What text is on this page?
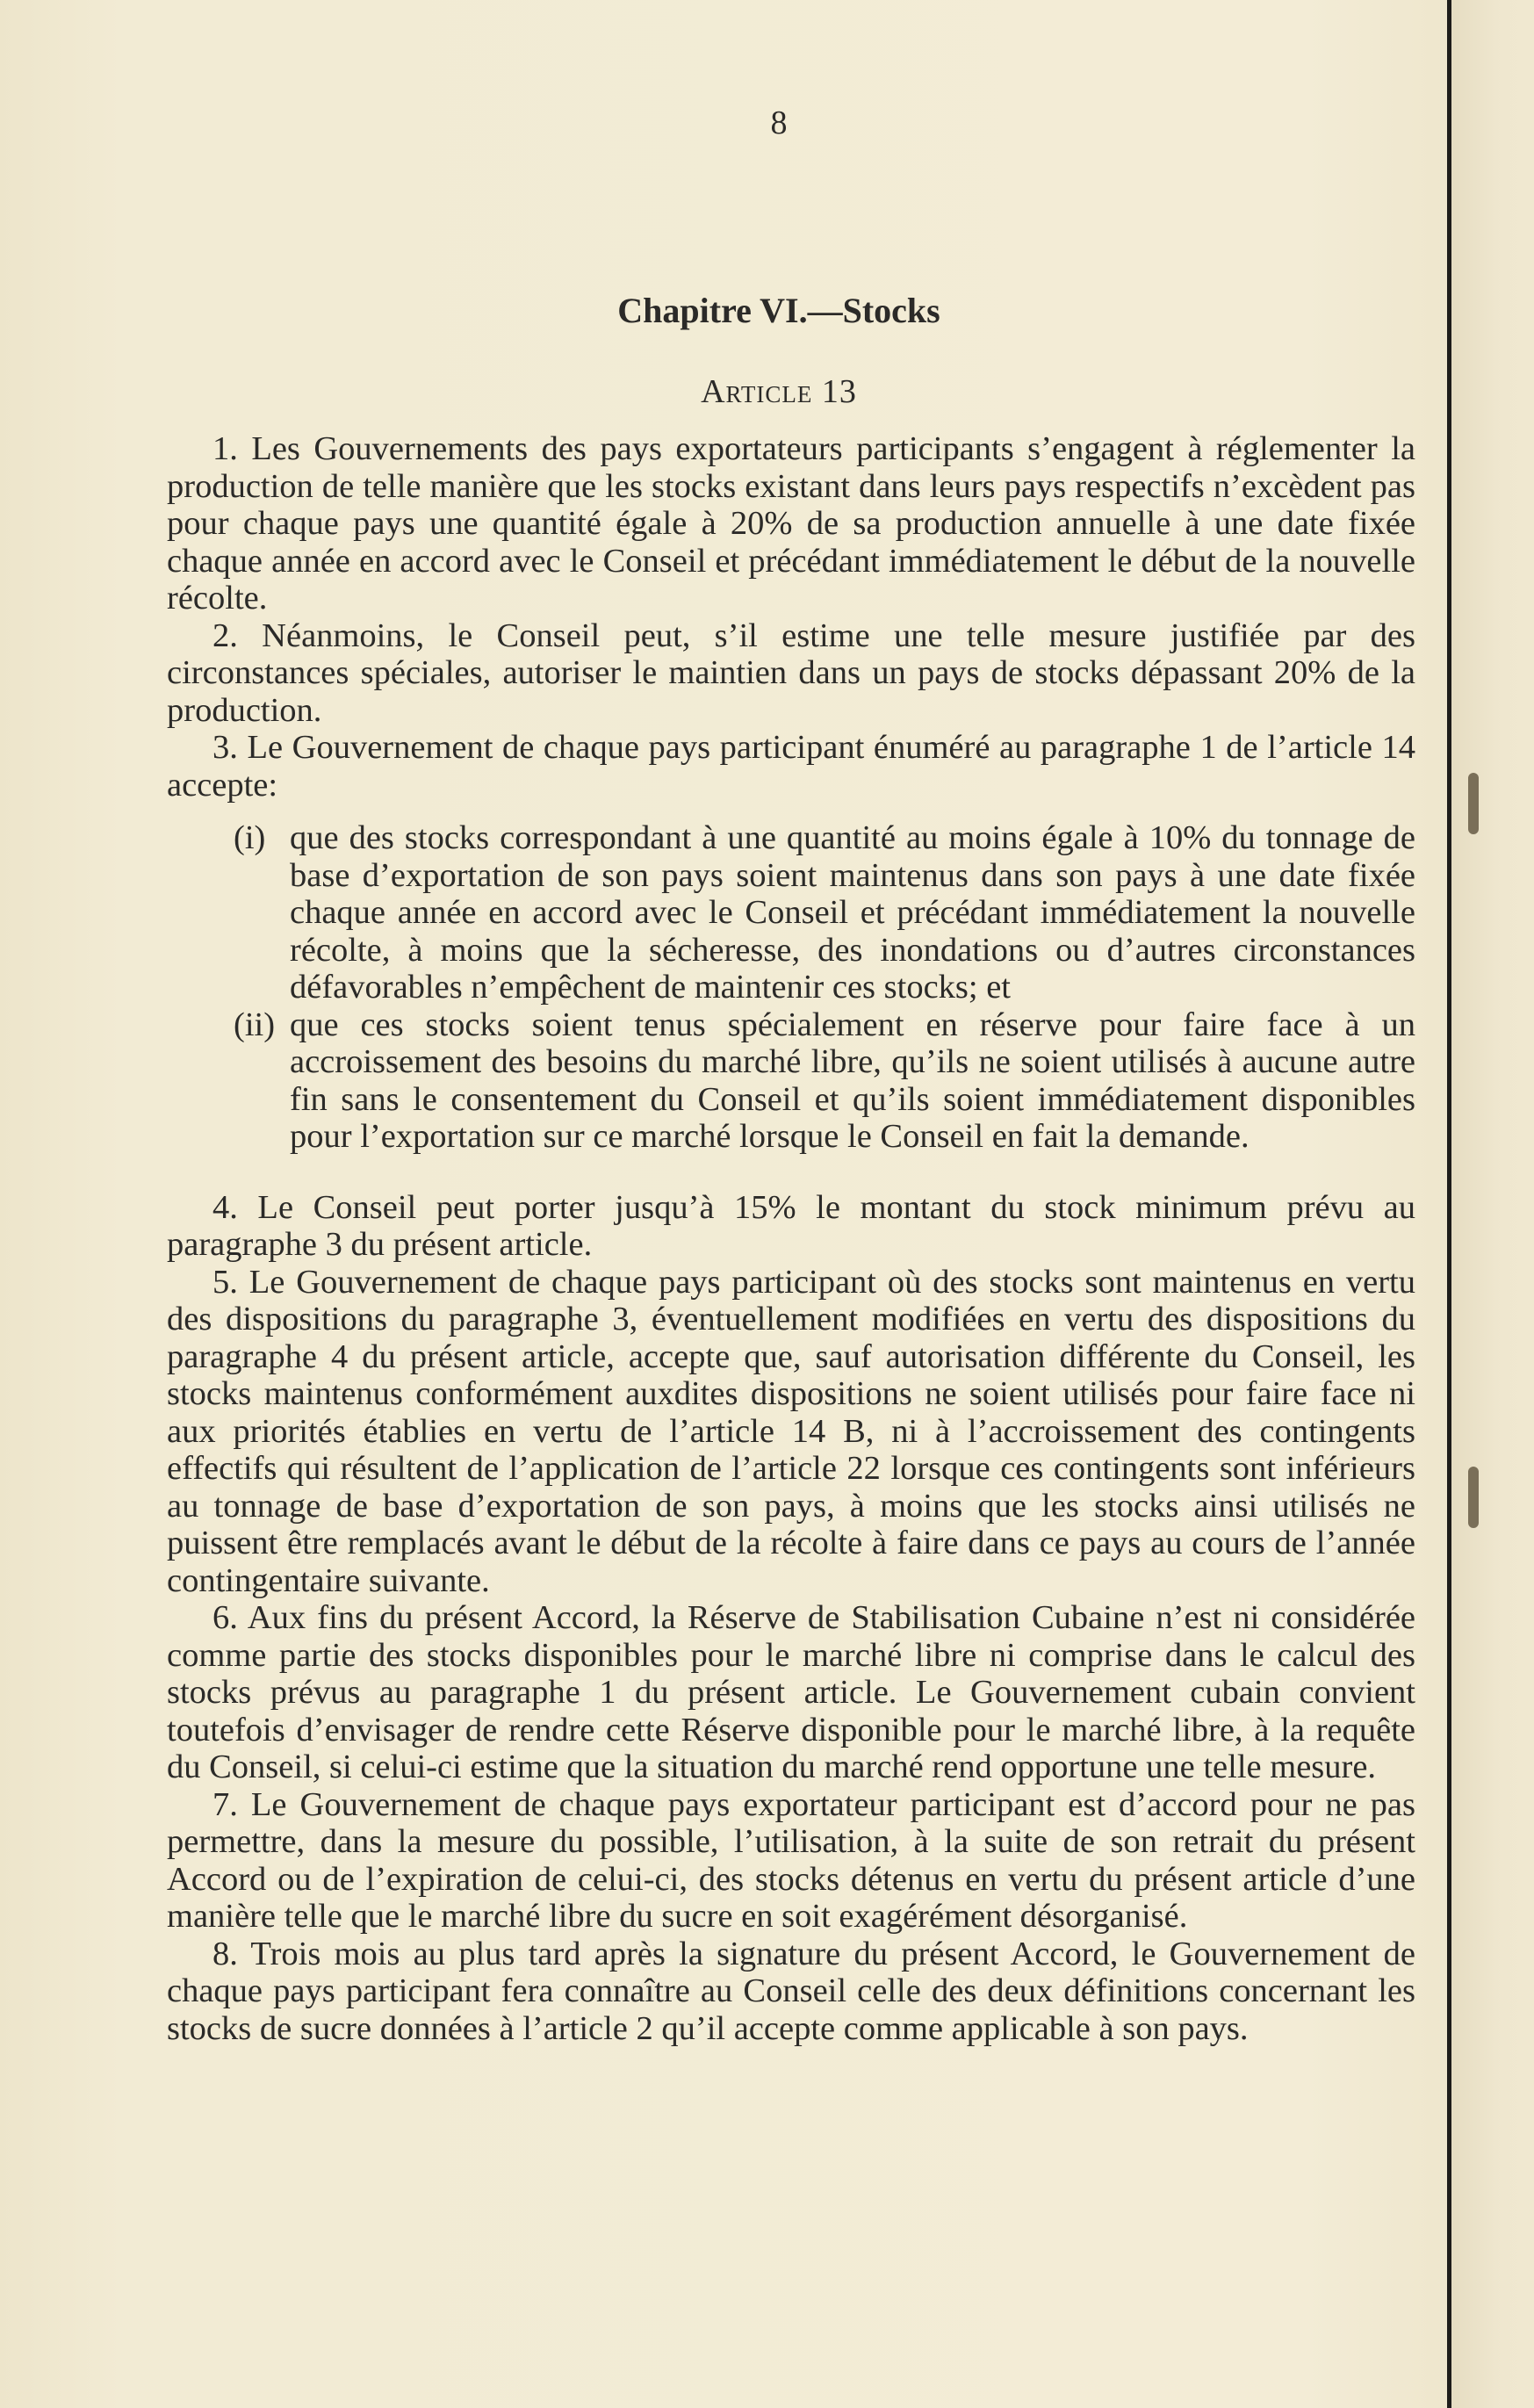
8
Chapitre VI.—Stocks
Article 13

1. Les Gouvernements des pays exportateurs participants s’engagent à réglementer la production de telle manière que les stocks existant dans leurs pays respectifs n’excèdent pas pour chaque pays une quantité égale à 20% de sa production annuelle à une date fixée chaque année en accord avec le Conseil et précédant immédiatement le début de la nouvelle récolte.

2. Néanmoins, le Conseil peut, s’il estime une telle mesure justifiée par des circonstances spéciales, autoriser le maintien dans un pays de stocks dépassant 20% de la production.

3. Le Gouvernement de chaque pays participant énuméré au paragraphe 1 de l’article 14 accepte:

(i) que des stocks correspondant à une quantité au moins égale à 10% du tonnage de base d’exportation de son pays soient maintenus dans son pays à une date fixée chaque année en accord avec le Conseil et précédant immédiatement la nouvelle récolte, à moins que la sécheresse, des inondations ou d’autres circonstances défavorables n’empêchent de maintenir ces stocks; et
(ii) que ces stocks soient tenus spécialement en réserve pour faire face à un accroissement des besoins du marché libre, qu’ils ne soient utilisés à aucune autre fin sans le consentement du Conseil et qu’ils soient immédiatement disponibles pour l’exportation sur ce marché lorsque le Conseil en fait la demande.

4. Le Conseil peut porter jusqu’à 15% le montant du stock minimum prévu au paragraphe 3 du présent article.

5. Le Gouvernement de chaque pays participant où des stocks sont maintenus en vertu des dispositions du paragraphe 3, éventuellement modifiées en vertu des dispositions du paragraphe 4 du présent article, accepte que, sauf autorisation différente du Conseil, les stocks maintenus conformément auxdites dispositions ne soient utilisés pour faire face ni aux priorités établies en vertu de l’article 14 B, ni à l’accroissement des contingents effectifs qui résultent de l’application de l’article 22 lorsque ces contingents sont inférieurs au tonnage de base d’exportation de son pays, à moins que les stocks ainsi utilisés ne puissent être remplacés avant le début de la récolte à faire dans ce pays au cours de l’année contingentaire suivante.

6. Aux fins du présent Accord, la Réserve de Stabilisation Cubaine n’est ni considérée comme partie des stocks disponibles pour le marché libre ni comprise dans le calcul des stocks prévus au paragraphe 1 du présent article. Le Gouvernement cubain convient toutefois d’envisager de rendre cette Réserve disponible pour le marché libre, à la requête du Conseil, si celui-ci estime que la situation du marché rend opportune une telle mesure.

7. Le Gouvernement de chaque pays exportateur participant est d’accord pour ne pas permettre, dans la mesure du possible, l’utilisation, à la suite de son retrait du présent Accord ou de l’expiration de celui-ci, des stocks détenus en vertu du présent article d’une manière telle que le marché libre du sucre en soit exagérément désorganisé.

8. Trois mois au plus tard après la signature du présent Accord, le Gouvernement de chaque pays participant fera connaître au Conseil celle des deux définitions concernant les stocks de sucre données à l’article 2 qu’il accepte comme applicable à son pays.
